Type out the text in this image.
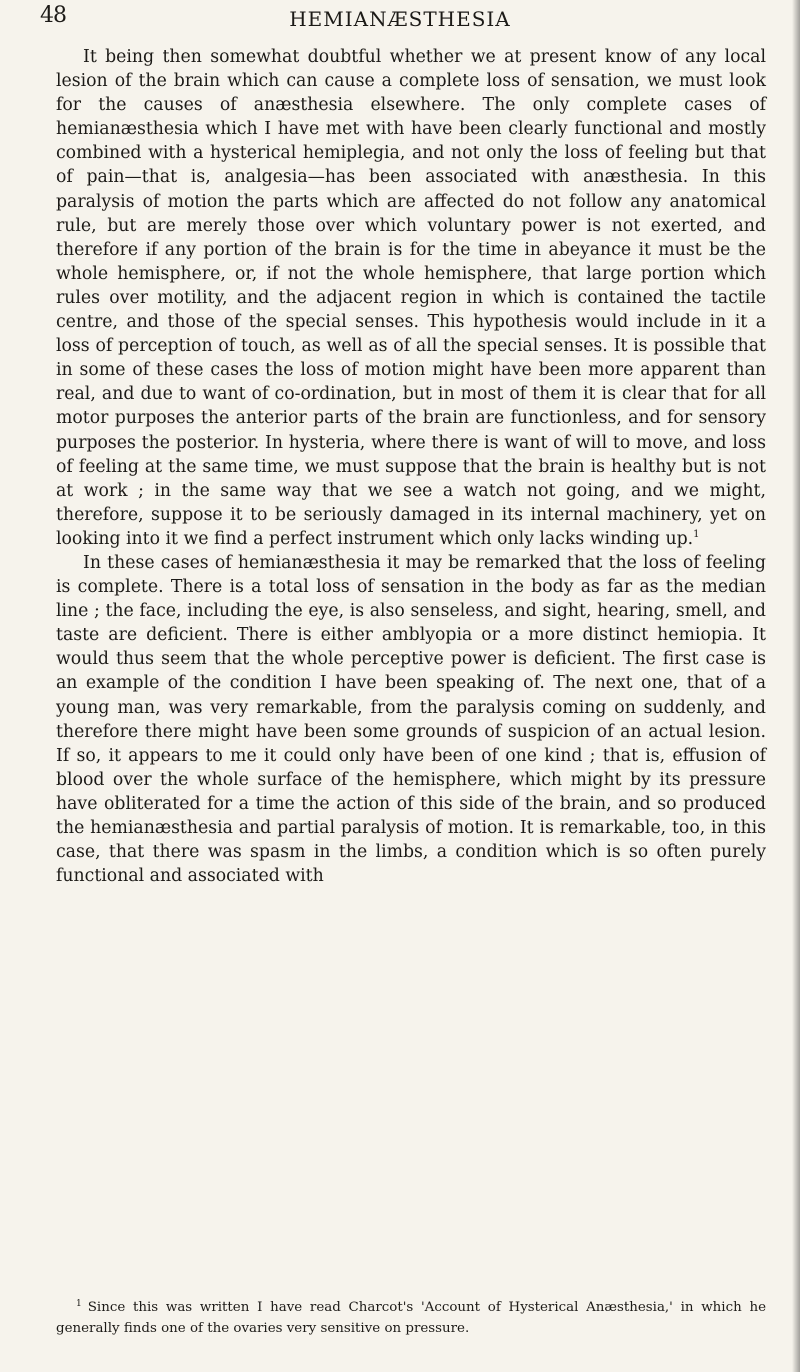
48	HEMIANÆSTHESIA

It being then somewhat doubtful whether we at present know of any local lesion of the brain which can cause a complete loss of sensation, we must look for the causes of anæsthesia elsewhere. The only complete cases of hemianæsthesia which I have met with have been clearly functional and mostly combined with a hysterical hemiplegia, and not only the loss of feeling but that of pain—that is, analgesia—has been associated with anæsthesia. In this paralysis of motion the parts which are affected do not follow any anatomical rule, but are merely those over which voluntary power is not exerted, and therefore if any portion of the brain is for the time in abeyance it must be the whole hemisphere, or, if not the whole hemisphere, that large portion which rules over motility, and the adjacent region in which is contained the tactile centre, and those of the special senses. This hypothesis would include in it a loss of perception of touch, as well as of all the special senses. It is possible that in some of these cases the loss of motion might have been more apparent than real, and due to want of co-ordination, but in most of them it is clear that for all motor purposes the anterior parts of the brain are functionless, and for sensory purposes the posterior. In hysteria, where there is want of will to move, and loss of feeling at the same time, we must suppose that the brain is healthy but is not at work ; in the same way that we see a watch not going, and we might, therefore, suppose it to be seriously damaged in its internal machinery, yet on looking into it we find a perfect instrument which only lacks winding up.$^1$

In these cases of hemianæsthesia it may be remarked that the loss of feeling is complete. There is a total loss of sensation in the body as far as the median line ; the face, including the eye, is also senseless, and sight, hearing, smell, and taste are deficient. There is either amblyopia or a more distinct hemiopia. It would thus seem that the whole perceptive power is deficient. The first case is an example of the condition I have been speaking of. The next one, that of a young man, was very remarkable, from the paralysis coming on suddenly, and therefore there might have been some grounds of suspicion of an actual lesion. If so, it appears to me it could only have been of one kind ; that is, effusion of blood over the whole surface of the hemisphere, which might by its pressure have obliterated for a time the action of this side of the brain, and so produced the hemianæsthesia and partial paralysis of motion. It is remarkable, too, in this case, that there was spasm in the limbs, a condition which is so often purely functional and associated with

$^1$ Since this was written I have read Charcot's 'Account of Hysterical Anæsthesia,' in which he generally finds one of the ovaries very sensitive on pressure.
